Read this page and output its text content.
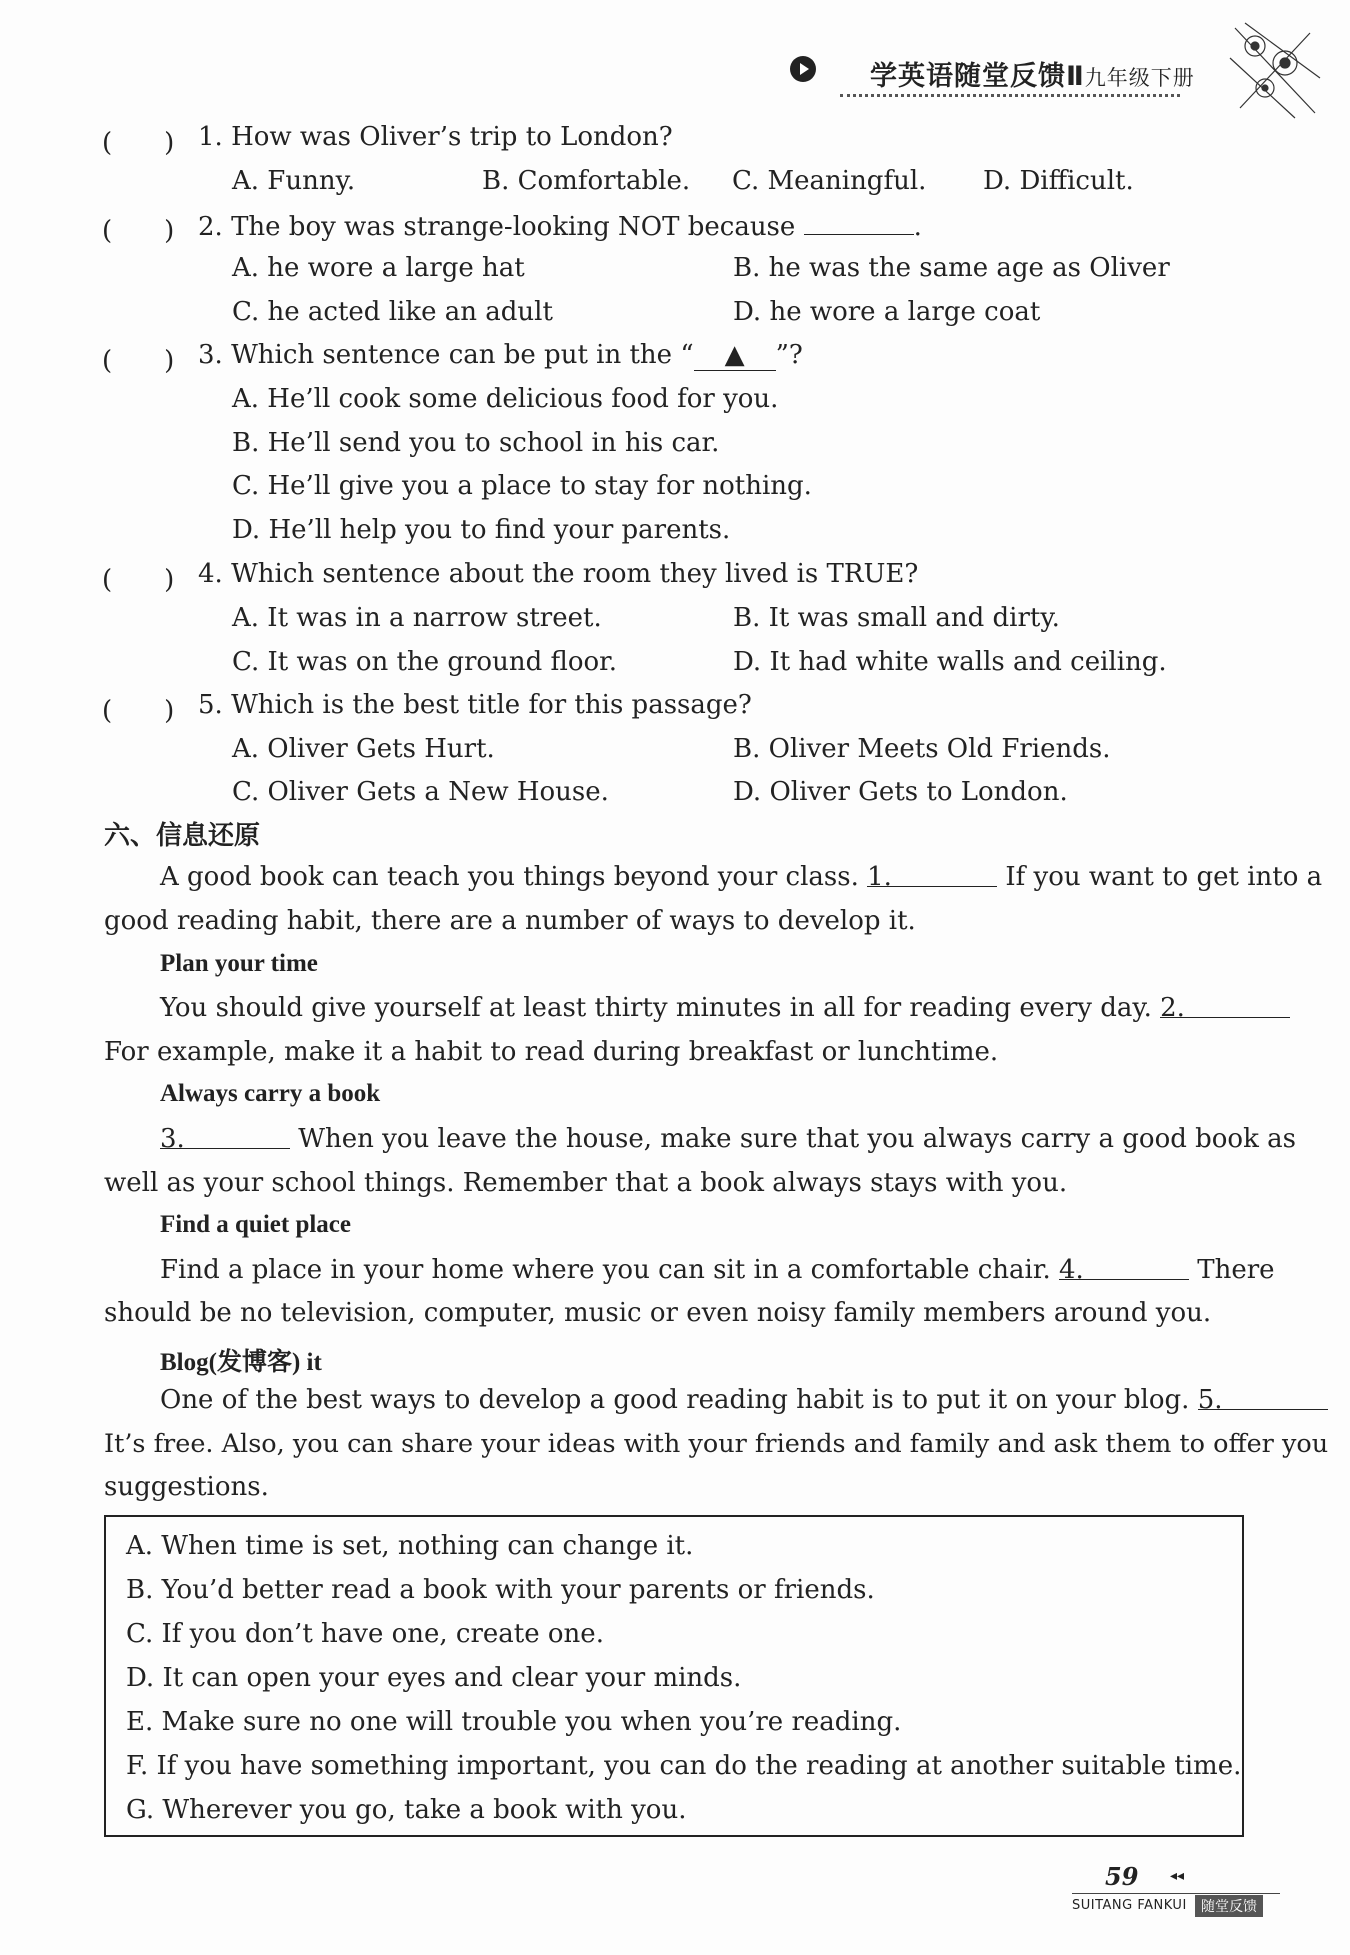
学英语随堂反馈Ⅱ九年级下册
(　　) 1. How was Oliver’s trip to London?
A. Funny.	B. Comfortable. C. Meaningful. D. Difficult.
(　　) 2. The boy was strange-looking NOT because	.
A. he wore a large hat	B. he was the same age as Oliver
C. he acted like an adult	D. he wore a large coat
(　　) 3. Which sentence can be put in the “ ▲ ”?
A. He’ll cook some delicious food for you.
B. He’ll send you to school in his car.
C. He’ll give you a place to stay for nothing.
D. He’ll help you to find your parents.
(　　) 4. Which sentence about the room they lived is TRUE?
A. It was in a narrow street.	B. It was small and dirty.
C. It was on the ground floor.	D. It had white walls and ceiling.
(　　) 5. Which is the best title for this passage?
A. Oliver Gets Hurt.	B. Oliver Meets Old Friends.
C. Oliver Gets a New House.	D. Oliver Gets to London.
六、信息还原
A good book can teach you things beyond your class. 1.	If you want to get into a
good reading habit, there are a number of ways to develop it.
Plan your time
You should give yourself at least thirty minutes in all for reading every day. 2.
For example, make it a habit to read during breakfast or lunchtime.
Always carry a book
3.	When you leave the house, make sure that you always carry a good book as
well as your school things. Remember that a book always stays with you.
Find a quiet place
Find a place in your home where you can sit in a comfortable chair. 4.	There
should be no television, computer, music or even noisy family members around you.
Blog(发博客) it
One of the best ways to develop a good reading habit is to put it on your blog. 5.
It’s free. Also, you can share your ideas with your friends and family and ask them to offer you
suggestions.
A. When time is set, nothing can change it.
B. You’d better read a book with your parents or friends.
C. If you don’t have one, create one.
D. It can open your eyes and clear your minds.
E. Make sure no one will trouble you when you’re reading.
F. If you have something important, you can do the reading at another suitable time.
G. Wherever you go, take a book with you.
59 ◂◂
SUITANG FANKUI	随堂反馈
